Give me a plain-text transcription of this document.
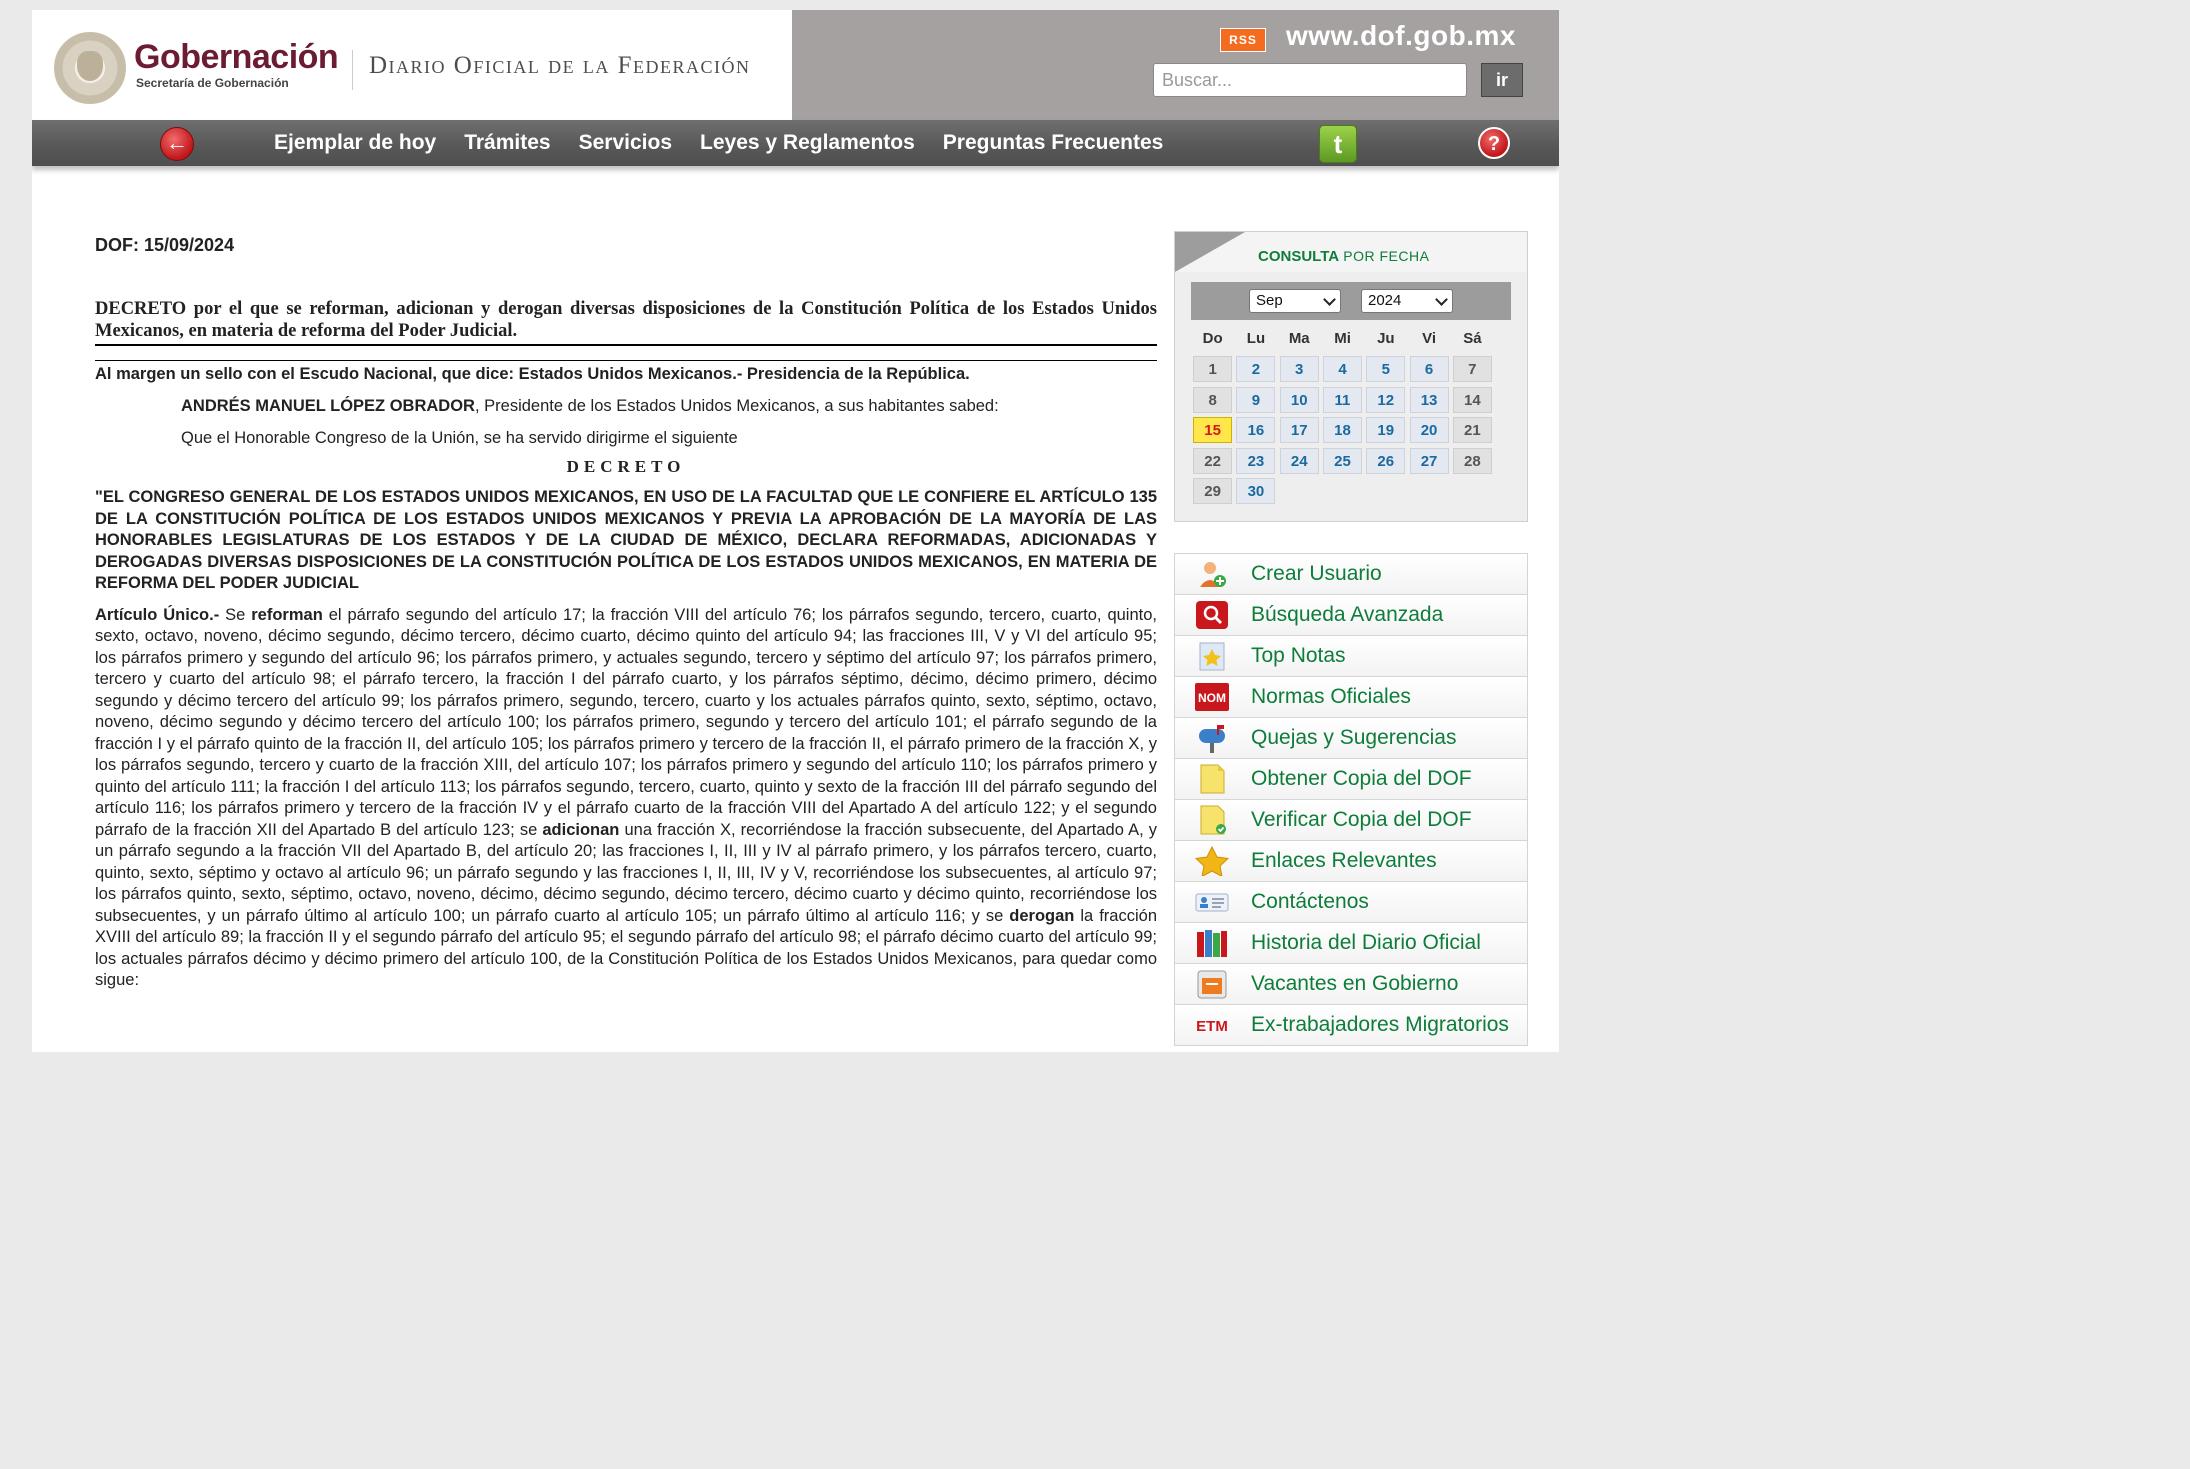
Gobernación
Secretaría de Gobernación
Diario Oficial de la Federación
RSS	www.dof.gob.mx
Buscar...
ir
←	Ejemplar de hoy Trámites Servicios Leyes y Reglamentos Preguntas Frecuentes	t	?
DOF: 15/09/2024
DECRETO por el que se reforman, adicionan y derogan diversas disposiciones de la Constitución Política de los Estados Unidos Mexicanos, en materia de reforma del Poder Judicial.
Al margen un sello con el Escudo Nacional, que dice: Estados Unidos Mexicanos.- Presidencia de la República.
ANDRÉS MANUEL LÓPEZ OBRADOR, Presidente de los Estados Unidos Mexicanos, a sus habitantes sabed:
Que el Honorable Congreso de la Unión, se ha servido dirigirme el siguiente
DECRETO
"EL CONGRESO GENERAL DE LOS ESTADOS UNIDOS MEXICANOS, EN USO DE LA FACULTAD QUE LE CONFIERE EL ARTÍCULO 135 DE LA CONSTITUCIÓN POLÍTICA DE LOS ESTADOS UNIDOS MEXICANOS Y PREVIA LA APROBACIÓN DE LA MAYORÍA DE LAS HONORABLES LEGISLATURAS DE LOS ESTADOS Y DE LA CIUDAD DE MÉXICO, DECLARA REFORMADAS, ADICIONADAS Y DEROGADAS DIVERSAS DISPOSICIONES DE LA CONSTITUCIÓN POLÍTICA DE LOS ESTADOS UNIDOS MEXICANOS, EN MATERIA DE REFORMA DEL PODER JUDICIAL
Artículo Único.- Se reforman el párrafo segundo del artículo 17; la fracción VIII del artículo 76; los párrafos segundo, tercero, cuarto, quinto, sexto, octavo, noveno, décimo segundo, décimo tercero, décimo cuarto, décimo quinto del artículo 94; las fracciones III, V y VI del artículo 95; los párrafos primero y segundo del artículo 96; los párrafos primero, y actuales segundo, tercero y séptimo del artículo 97; los párrafos primero, tercero y cuarto del artículo 98; el párrafo tercero, la fracción I del párrafo cuarto, y los párrafos séptimo, décimo, décimo primero, décimo segundo y décimo tercero del artículo 99; los párrafos primero, segundo, tercero, cuarto y los actuales párrafos quinto, sexto, séptimo, octavo, noveno, décimo segundo y décimo tercero del artículo 100; los párrafos primero, segundo y tercero del artículo 101; el párrafo segundo de la fracción I y el párrafo quinto de la fracción II, del artículo 105; los párrafos primero y tercero de la fracción II, el párrafo primero de la fracción X, y los párrafos segundo, tercero y cuarto de la fracción XIII, del artículo 107; los párrafos primero y segundo del artículo 110; los párrafos primero y quinto del artículo 111; la fracción I del artículo 113; los párrafos segundo, tercero, cuarto, quinto y sexto de la fracción III del párrafo segundo del artículo 116; los párrafos primero y tercero de la fracción IV y el párrafo cuarto de la fracción VIII del Apartado A del artículo 122; y el segundo párrafo de la fracción XII del Apartado B del artículo 123; se adicionan una fracción X, recorriéndose la fracción subsecuente, del Apartado A, y un párrafo segundo a la fracción VII del Apartado B, del artículo 20; las fracciones I, II, III y IV al párrafo primero, y los párrafos tercero, cuarto, quinto, sexto, séptimo y octavo al artículo 96; un párrafo segundo y las fracciones I, II, III, IV y V, recorriéndose los subsecuentes, al artículo 97; los párrafos quinto, sexto, séptimo, octavo, noveno, décimo, décimo segundo, décimo tercero, décimo cuarto y décimo quinto, recorriéndose los subsecuentes, y un párrafo último al artículo 100; un párrafo cuarto al artículo 105; un párrafo último al artículo 116; y se derogan la fracción XVIII del artículo 89; la fracción II y el segundo párrafo del artículo 95; el segundo párrafo del artículo 98; el párrafo décimo cuarto del artículo 99; los actuales párrafos décimo y décimo primero del artículo 100, de la Constitución Política de los Estados Unidos Mexicanos, para quedar como sigue:
CONSULTA POR FECHA
Sep	2024
Do	Lu	Ma	Mi	Ju	Vi	Sá
1	2	3	4	5	6	7
8	9	10	11	12	13	14
15	16	17	18	19	20	21
22	23	24	25	26	27	28
29	30
Crear Usuario
Búsqueda Avanzada
Top Notas
NOM Normas Oficiales
Quejas y Sugerencias
Obtener Copia del DOF
Verificar Copia del DOF
Enlaces Relevantes
Contáctenos
Historia del Diario Oficial
Vacantes en Gobierno
ETM Ex-trabajadores Migratorios
